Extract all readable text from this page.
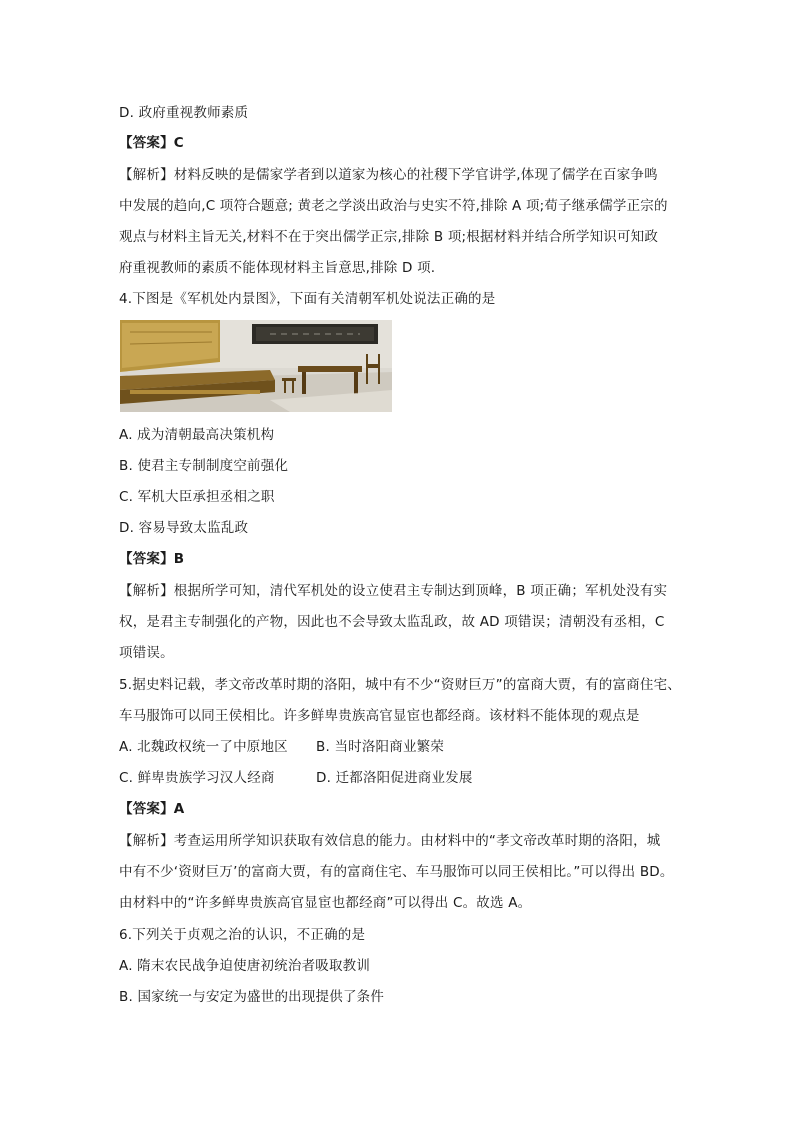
D. 政府重视教师素质
【答案】C
【解析】材料反映的是儒家学者到以道家为核心的社稷下学官讲学,体现了儒学在百家争鸣
中发展的趋向,C 项符合题意; 黄老之学淡出政治与史实不符,排除 A 项;荀子继承儒学正宗的
观点与材料主旨无关,材料不在于突出儒学正宗,排除 B 项;根据材料并结合所学知识可知政
府重视教师的素质不能体现材料主旨意思,排除 D 项.
4.下图是《军机处内景图》，下面有关清朝军机处说法正确的是
A. 成为清朝最高决策机构
B. 使君主专制制度空前强化
C. 军机大臣承担丞相之职
D. 容易导致太监乱政
【答案】B
【解析】根据所学可知，清代军机处的设立使君主专制达到顶峰，B 项正确；军机处没有实
权，是君主专制强化的产物，因此也不会导致太监乱政，故 AD 项错误；清朝没有丞相，C
项错误。
5.据史料记载，孝文帝改革时期的洛阳，城中有不少“资财巨万”的富商大贾，有的富商住宅、
车马服饰可以同王侯相比。许多鲜卑贵族高官显宦也都经商。该材料不能体现的观点是
A. 北魏政权统一了中原地区 B. 当时洛阳商业繁荣
C. 鲜卑贵族学习汉人经商	D. 迁都洛阳促进商业发展
【答案】A
【解析】考查运用所学知识获取有效信息的能力。由材料中的“孝文帝改革时期的洛阳，城
中有不少‘资财巨万’的富商大贾，有的富商住宅、车马服饰可以同王侯相比。”可以得出 BD。
由材料中的“许多鲜卑贵族高官显宦也都经商”可以得出 C。故选 A。
6.下列关于贞观之治的认识，不正确的是
A. 隋末农民战争迫使唐初统治者吸取教训
B. 国家统一与安定为盛世的出现提供了条件
